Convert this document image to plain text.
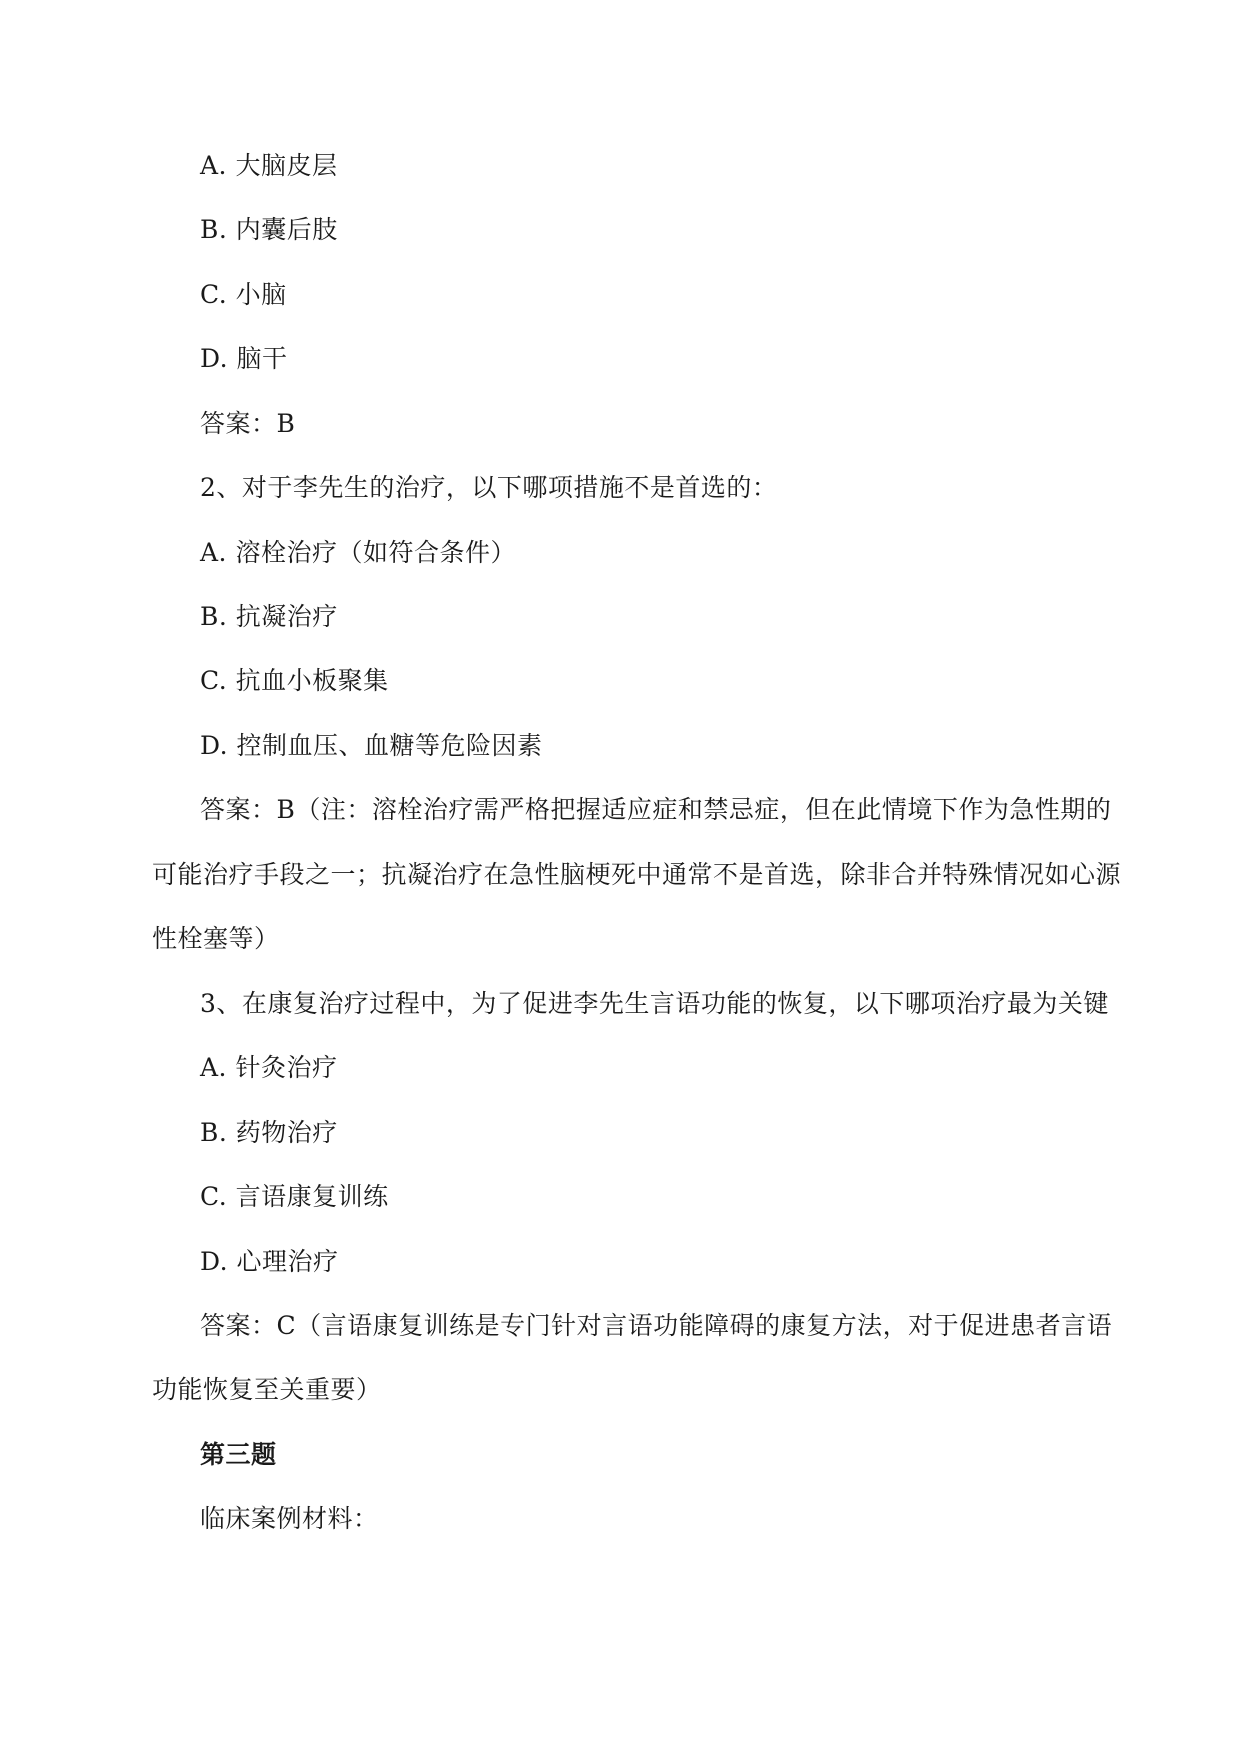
A. 大脑皮层
B. 内囊后肢
C. 小脑
D. 脑干
答案：B
2、对于李先生的治疗，以下哪项措施不是首选的：
A. 溶栓治疗（如符合条件）
B. 抗凝治疗
C. 抗血小板聚集
D. 控制血压、血糖等危险因素
答案：B（注：溶栓治疗需严格把握适应症和禁忌症，但在此情境下作为急性期的
可能治疗手段之一；抗凝治疗在急性脑梗死中通常不是首选，除非合并特殊情况如心源
性栓塞等）
3、在康复治疗过程中，为了促进李先生言语功能的恢复，以下哪项治疗最为关键
A. 针灸治疗
B. 药物治疗
C. 言语康复训练
D. 心理治疗
答案：C（言语康复训练是专门针对言语功能障碍的康复方法，对于促进患者言语
功能恢复至关重要）
第三题
临床案例材料：
